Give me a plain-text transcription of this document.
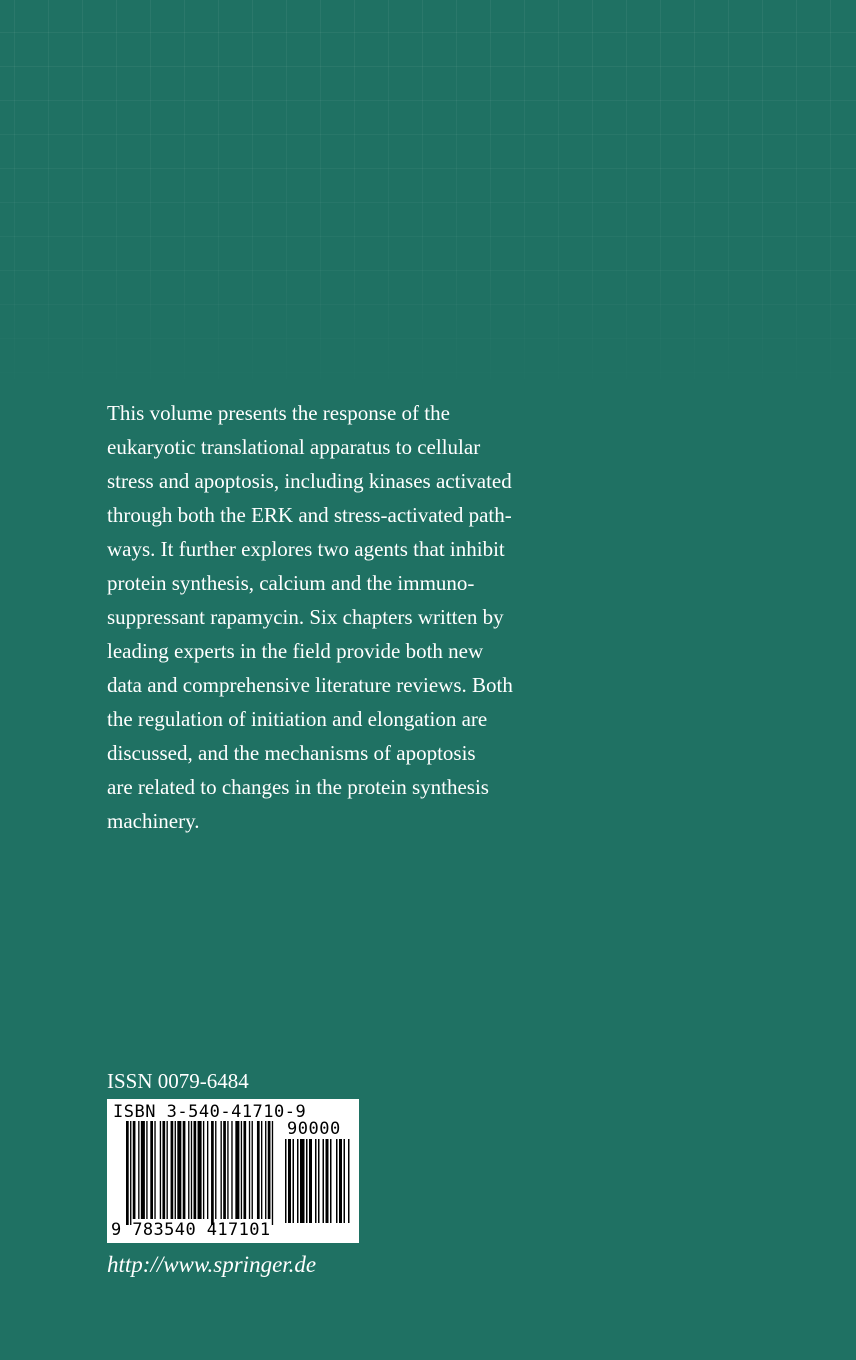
This volume presents the response of the
eukaryotic translational apparatus to cellular
stress and apoptosis, including kinases activated
through both the ERK and stress-activated path-
ways. It further explores two agents that inhibit
protein synthesis, calcium and the immuno-
suppressant rapamycin. Six chapters written by
leading experts in the field provide both new
data and comprehensive literature reviews. Both
the regulation of initiation and elongation are
discussed, and the mechanisms of apoptosis
are related to changes in the protein synthesis
machinery.
ISSN 0079-6484
ISBN 3-540-41710-9
90000
9 783540 417101
http://www.springer.de
